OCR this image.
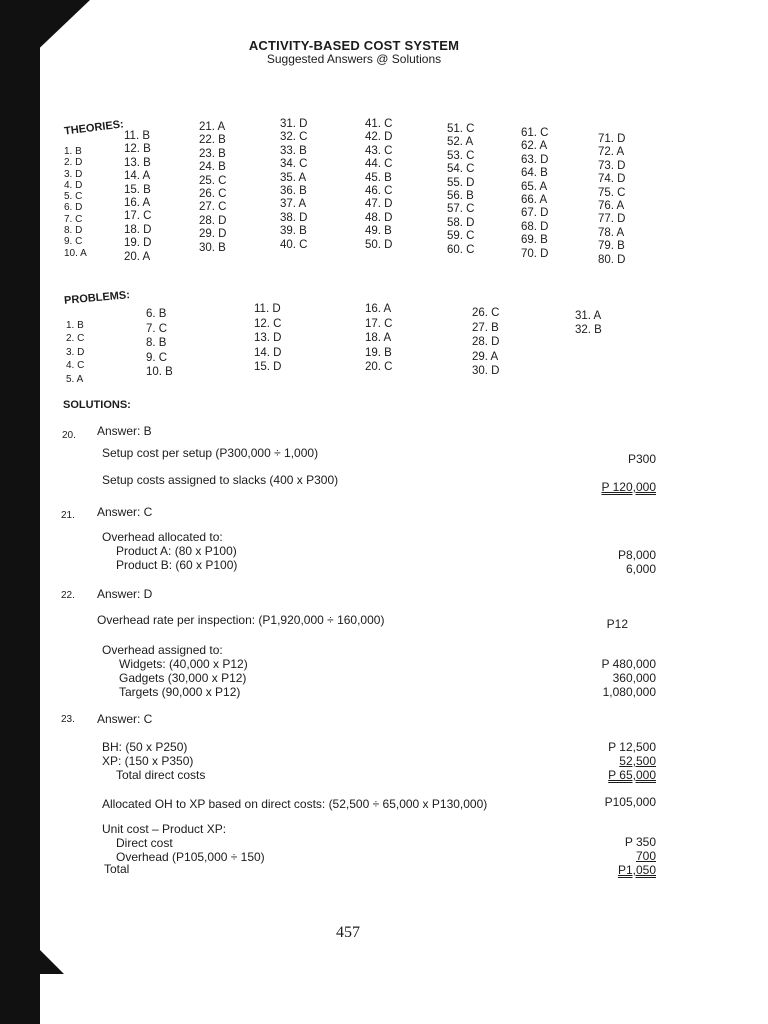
ACTIVITY-BASED COST SYSTEM
Suggested Answers @ Solutions
THEORIES:
1. B
2. D
3. D
4. D
5. C
6. D
7. C
8. D
9. C
10. A
11. B
12. B
13. B
14. A
15. B
16. A
17. C
18. D
19. D
20. A
21. A
22. B
23. B
24. B
25. C
26. C
27. C
28. D
29. D
30. B
31. D
32. C
33. B
34. C
35. A
36. B
37. A
38. D
39. B
40. C
41. C
42. D
43. C
44. C
45. B
46. C
47. D
48. D
49. B
50. D
51. C
52. A
53. C
54. C
55. D
56. B
57. C
58. D
59. C
60. C
61. C
62. A
63. D
64. B
65. A
66. A
67. D
68. D
69. B
70. D
71. D
72. A
73. D
74. D
75. C
76. A
77. D
78. A
79. B
80. D
PROBLEMS:
1. B
2. C
3. D
4. C
5. A
6. B
7. C
8. B
9. C
10. B
11. D
12. C
13. D
14. D
15. D
16. A
17. C
18. A
19. B
20. C
26. C
27. B
28. D
29. A
30. D
31. A
32. B
SOLUTIONS:
20. Answer: B
Setup cost per setup (P300,000 ÷ 1,000)	P300
Setup costs assigned to slacks (400 x P300)	P 120,000
21. Answer: C
Overhead allocated to:
Product A: (80 x P100)	P8,000
Product B: (60 x P100)	6,000
22. Answer: D
Overhead rate per inspection: (P1,920,000 ÷ 160,000)	P12
Overhead assigned to:
Widgets: (40,000 x P12)	P 480,000
Gadgets (30,000 x P12)	360,000
Targets (90,000 x P12)	1,080,000
23. Answer: C
BH: (50 x P250)	P 12,500
XP: (150 x P350)	52,500
Total direct costs	P 65,000
Allocated OH to XP based on direct costs: (52,500 ÷ 65,000 x P130,000)	P105,000
Unit cost – Product XP:
Direct cost	P 350
Overhead (P105,000 ÷ 150)	700
Total	P1,050
457
